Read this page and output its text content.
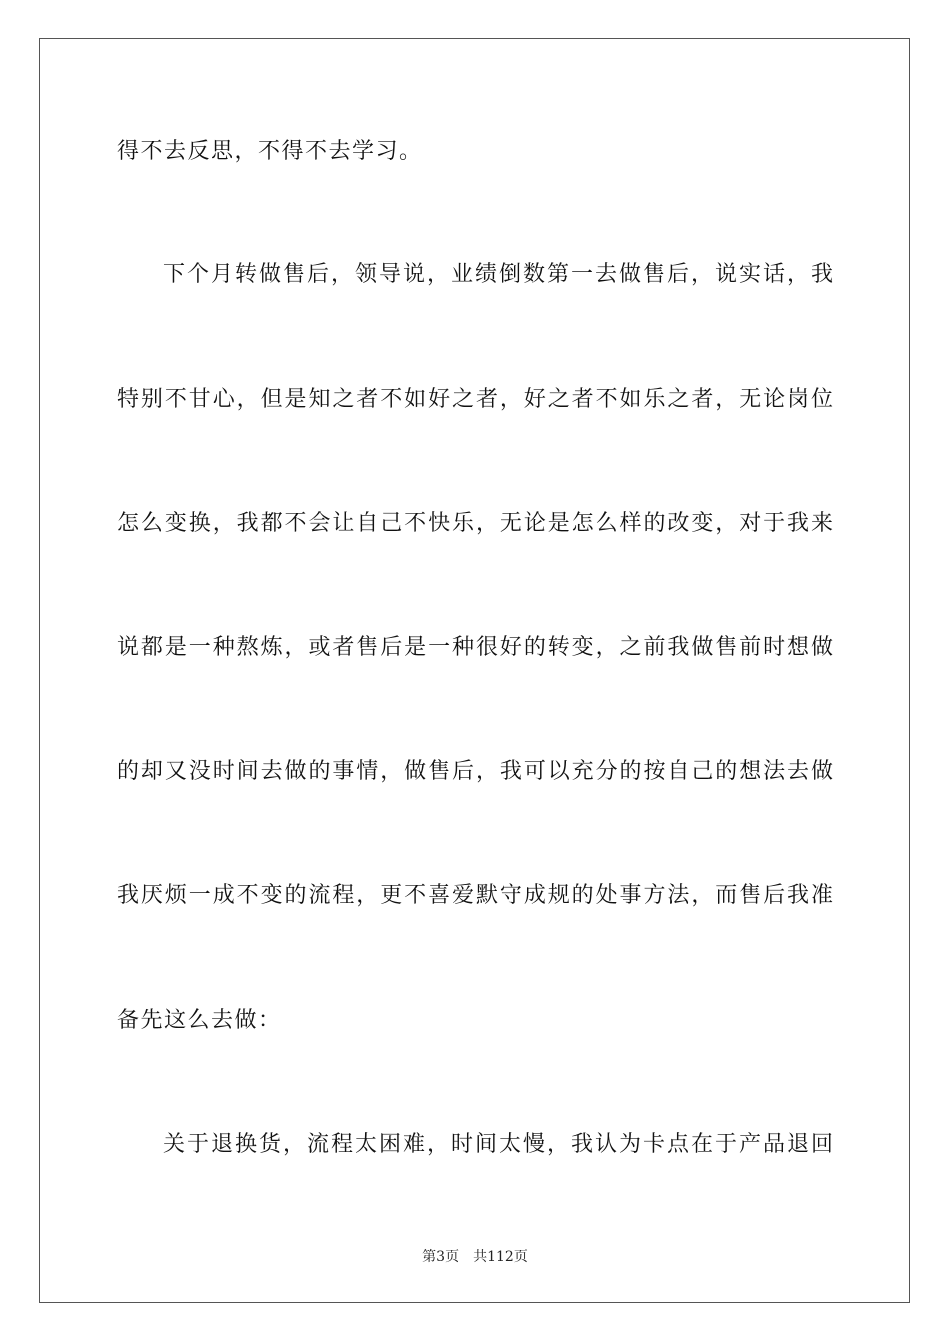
得不去反思，不得不去学习。
下个月转做售后，领导说，业绩倒数第一去做售后，说实话，我
特别不甘心，但是知之者不如好之者，好之者不如乐之者，无论岗位
怎么变换，我都不会让自己不快乐，无论是怎么样的改变，对于我来
说都是一种熬炼，或者售后是一种很好的转变，之前我做售前时想做
的却又没时间去做的事情，做售后，我可以充分的按自己的想法去做
我厌烦一成不变的流程，更不喜爱默守成规的处事方法，而售后我准
备先这么去做：
关于退换货，流程太困难，时间太慢，我认为卡点在于产品退回
第3页 共112页
